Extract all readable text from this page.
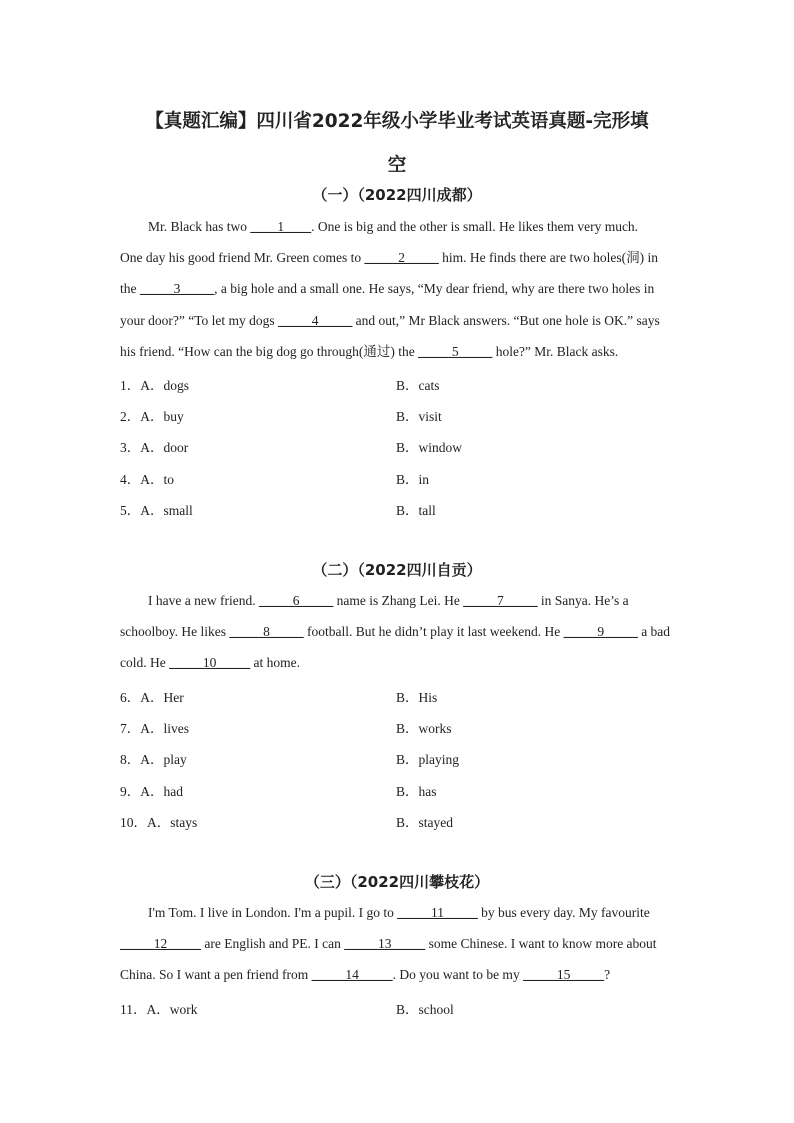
【真题汇编】四川省2022年级小学毕业考试英语真题-完形填
空
（一）（2022四川成都）
Mr. Black has two ____1____. One is big and the other is small. He likes them very much.
One day his good friend Mr. Green comes to _____2_____ him. He finds there are two holes(洞) in
the _____3_____, a big hole and a small one. He says, “My dear friend, why are there two holes in
your door?” “To let my dogs _____4_____ and out,” Mr Black answers. “But one hole is OK.” says
his friend. “How can the big dog go through(通过) the _____5_____ hole?” Mr. Black asks.
1．A．dogs	B．cats
2．A．buy	B．visit
3．A．door	B．window
4．A．to	B．in
5．A．small	B．tall
（二）（2022四川自贡）
I have a new friend. _____6_____ name is Zhang Lei. He _____7_____ in Sanya. He’s a
schoolboy. He likes _____8_____ football. But he didn’t play it last weekend. He _____9_____ a bad
cold. He _____10_____ at home.
6．A．Her	B．His
7．A．lives	B．works
8．A．play	B．playing
9．A．had	B．has
10．A．stays	B．stayed
（三）（2022四川攀枝花）
I'm Tom. I live in London. I'm a pupil. I go to _____11_____ by bus every day. My favourite
_____12_____ are English and PE. I can _____13_____ some Chinese. I want to know more about
China. So I want a pen friend from _____14_____. Do you want to be my _____15_____?
11．A．work	B．school
